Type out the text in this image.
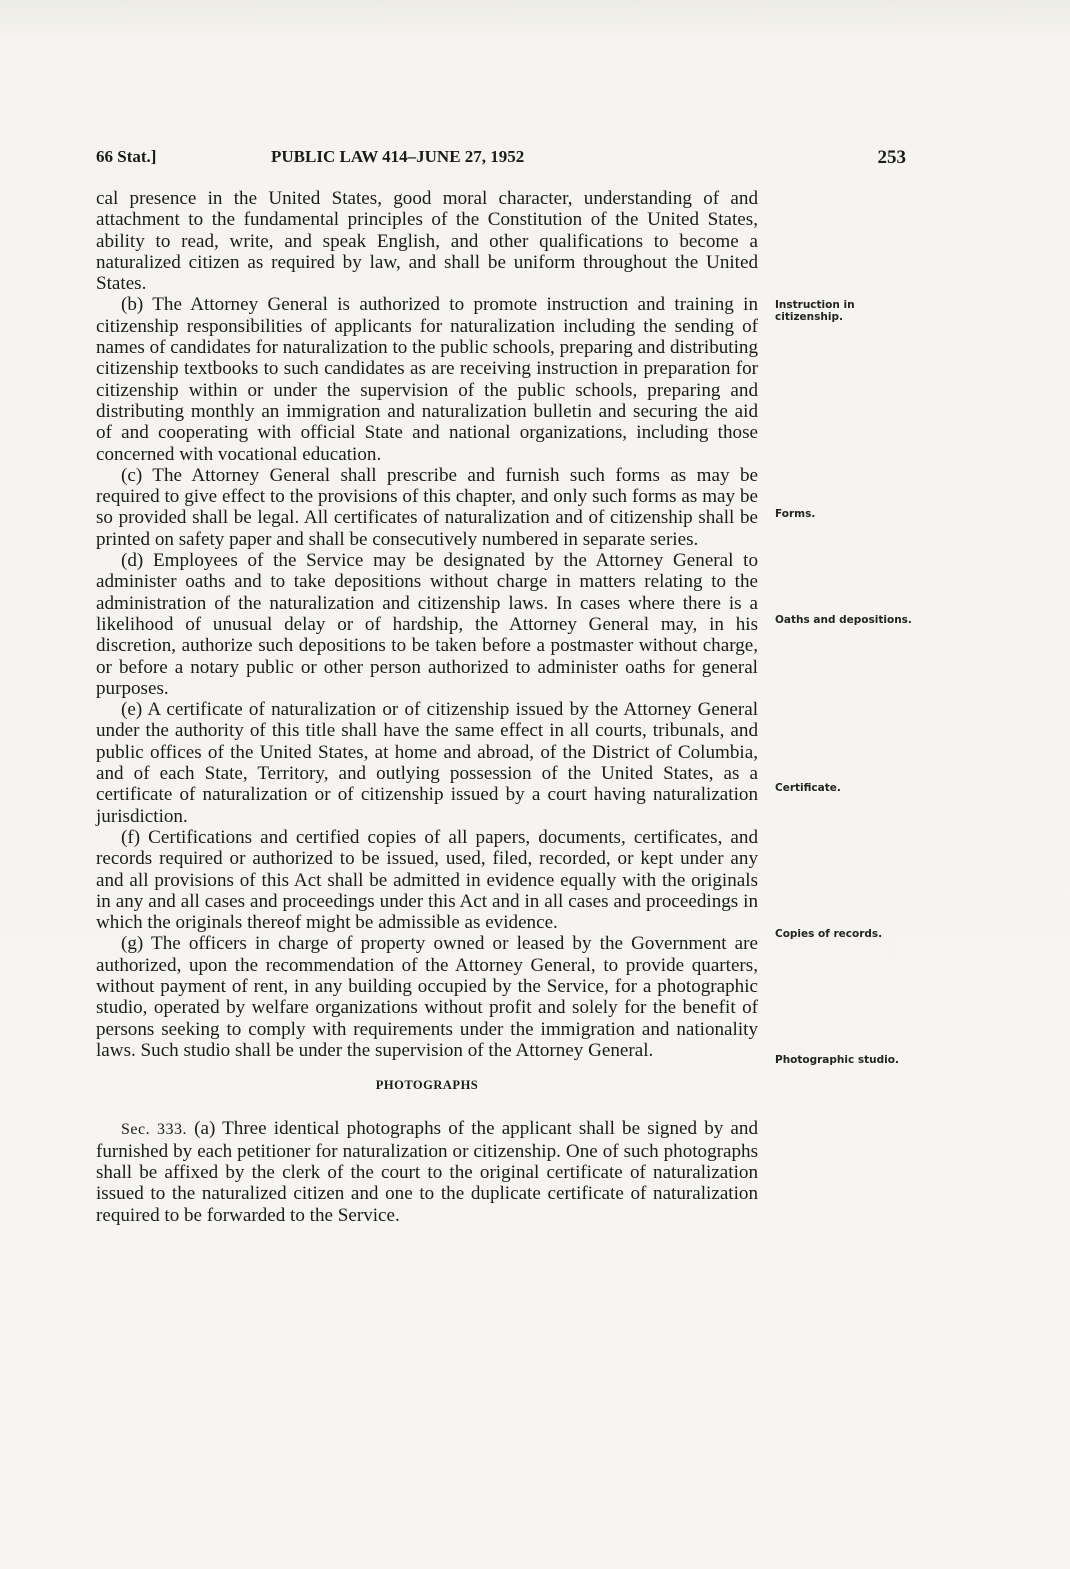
66 Stat.]	PUBLIC LAW 414–JUNE 27, 1952	253

cal presence in the United States, good moral character, understanding of and attachment to the fundamental principles of the Constitution of the United States, ability to read, write, and speak English, and other qualifications to become a naturalized citizen as required by law, and shall be uniform throughout the United States.

(b) The Attorney General is authorized to promote instruction and training in citizenship responsibilities of applicants for naturalization including the sending of names of candidates for naturalization to the public schools, preparing and distributing citizenship textbooks to such candidates as are receiving instruction in preparation for citizenship within or under the supervision of the public schools, preparing and distributing monthly an immigration and naturalization bulletin and securing the aid of and cooperating with official State and national organizations, including those concerned with vocational education.

(c) The Attorney General shall prescribe and furnish such forms as may be required to give effect to the provisions of this chapter, and only such forms as may be so provided shall be legal. All certificates of naturalization and of citizenship shall be printed on safety paper and shall be consecutively numbered in separate series.

(d) Employees of the Service may be designated by the Attorney General to administer oaths and to take depositions without charge in matters relating to the administration of the naturalization and citizenship laws. In cases where there is a likelihood of unusual delay or of hardship, the Attorney General may, in his discretion, authorize such depositions to be taken before a postmaster without charge, or before a notary public or other person authorized to administer oaths for general purposes.

(e) A certificate of naturalization or of citizenship issued by the Attorney General under the authority of this title shall have the same effect in all courts, tribunals, and public offices of the United States, at home and abroad, of the District of Columbia, and of each State, Territory, and outlying possession of the United States, as a certificate of naturalization or of citizenship issued by a court having naturalization jurisdiction.

(f) Certifications and certified copies of all papers, documents, certificates, and records required or authorized to be issued, used, filed, recorded, or kept under any and all provisions of this Act shall be admitted in evidence equally with the originals in any and all cases and proceedings under this Act and in all cases and proceedings in which the originals thereof might be admissible as evidence.

(g) The officers in charge of property owned or leased by the Government are authorized, upon the recommendation of the Attorney General, to provide quarters, without payment of rent, in any building occupied by the Service, for a photographic studio, operated by welfare organizations without profit and solely for the benefit of persons seeking to comply with requirements under the immigration and nationality laws. Such studio shall be under the supervision of the Attorney General.

PHOTOGRAPHS

Sec. 333. (a) Three identical photographs of the applicant shall be signed by and furnished by each petitioner for naturalization or citizenship. One of such photographs shall be affixed by the clerk of the court to the original certificate of naturalization issued to the naturalized citizen and one to the duplicate certificate of naturalization required to be forwarded to the Service.

Instruction in citizenship.
Forms.
Oaths and depositions.
Certificate.
Copies of records.
Photographic studio.
